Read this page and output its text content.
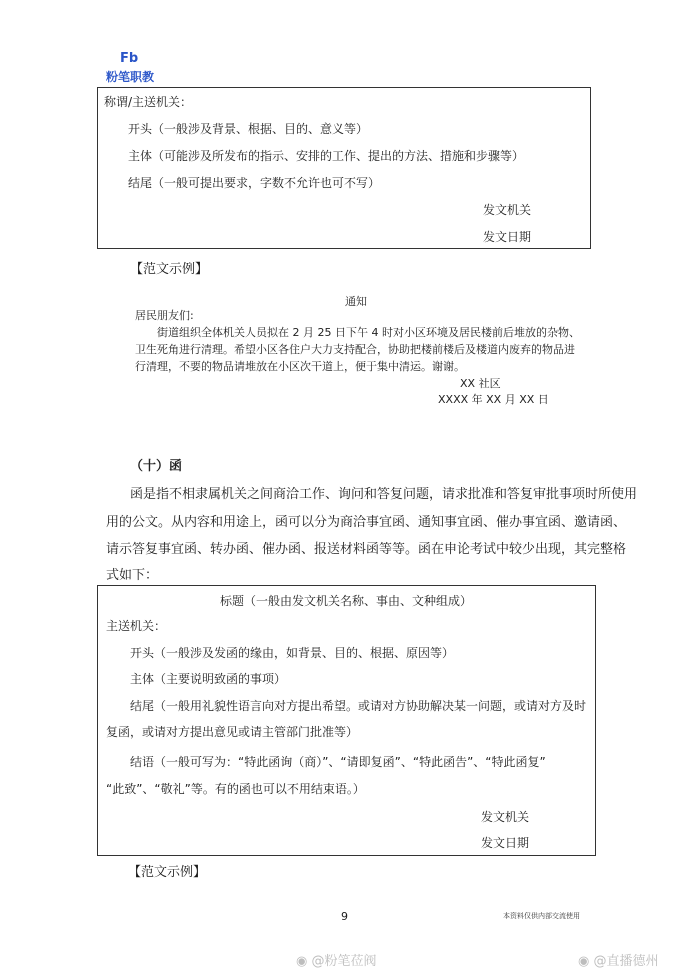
Fb
粉笔职教
称谓/主送机关：
开头（一般涉及背景、根据、目的、意义等）
主体（可能涉及所发布的指示、安排的工作、提出的方法、措施和步骤等）
结尾（一般可提出要求，字数不允许也可不写）
发文机关
发文日期
【范文示例】
通知
居民朋友们:
街道组织全体机关人员拟在 2 月 25 日下午 4 时对小区环境及居民楼前后堆放的杂物、
卫生死角进行清理。希望小区各住户大力支持配合，协助把楼前楼后及楼道内废弃的物品进
行清理，不要的物品请堆放在小区次干道上，便于集中清运。谢谢。
XX 社区
XXXX 年 XX 月 XX 日
（十）函
函是指不相隶属机关之间商洽工作、询问和答复问题，请求批准和答复审批事项时所使用
用的公文。从内容和用途上，函可以分为商洽事宜函、通知事宜函、催办事宜函、邀请函、
请示答复事宜函、转办函、催办函、报送材料函等等。函在申论考试中较少出现，其完整格
式如下：
标题（一般由发文机关名称、事由、文种组成）
主送机关：
开头（一般涉及发函的缘由，如背景、目的、根据、原因等）
主体（主要说明致函的事项）
结尾（一般用礼貌性语言向对方提出希望。或请对方协助解决某一问题，或请对方及时
复函，或请对方提出意见或请主管部门批准等）
结语（一般可写为：“特此函询（商）”、“请即复函”、“特此函告”、“特此函复”
“此致”、“敬礼”等。有的函也可以不用结束语。）
发文机关
发文日期
【范文示例】
9	本资料仅供内部交流使用
◉ @粉笔莅阀	◉ @直播德州
